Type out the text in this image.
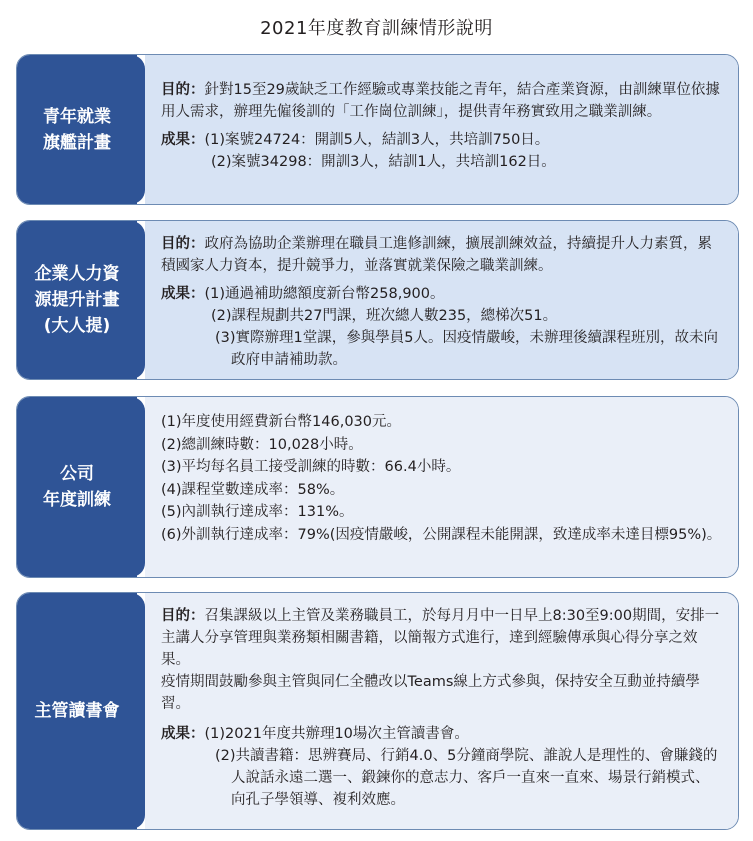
2021年度教育訓練情形說明
青年就業
旗艦計畫
目的：針對15至29歲缺乏工作經驗或專業技能之青年，結合產業資源，由訓練單位依據用人需求，辦理先僱後訓的「工作崗位訓練」，提供青年務實致用之職業訓練。
成果：(1)案號24724：開訓5人，結訓3人，共培訓750日。
(2)案號34298：開訓3人，結訓1人，共培訓162日。
企業人力資
源提升計畫
(大人提)
目的：政府為協助企業辦理在職員工進修訓練，擴展訓練效益，持續提升人力素質，累積國家人力資本，提升競爭力，並落實就業保險之職業訓練。
成果：(1)通過補助總額度新台幣258,900。
(2)課程規劃共27門課，班次總人數235，總梯次51。
(3)實際辦理1堂課，參與學員5人。因疫情嚴峻，未辦理後續課程班別，故未向政府申請補助款。
公司
年度訓練
(1)年度使用經費新台幣146,030元。
(2)總訓練時數：10,028小時。
(3)平均每名員工接受訓練的時數：66.4小時。
(4)課程堂數達成率：58%。
(5)內訓執行達成率：131%。
(6)外訓執行達成率：79%(因疫情嚴峻，公開課程未能開課，致達成率未達目標95%)。
主管讀書會
目的：召集課級以上主管及業務職員工，於每月月中一日早上8:30至9:00期間，安排一主講人分享管理與業務類相關書籍，以簡報方式進行，達到經驗傳承與心得分享之效果。
疫情期間鼓勵參與主管與同仁全體改以Teams線上方式參與，保持安全互動並持續學習。
成果：(1)2021年度共辦理10場次主管讀書會。
(2)共讀書籍：思辨賽局、行銷4.0、5分鐘商學院、誰說人是理性的、會賺錢的人說話永遠二選一、鍛鍊你的意志力、客戶一直來一直來、場景行銷模式、向孔子學領導、複利效應。
